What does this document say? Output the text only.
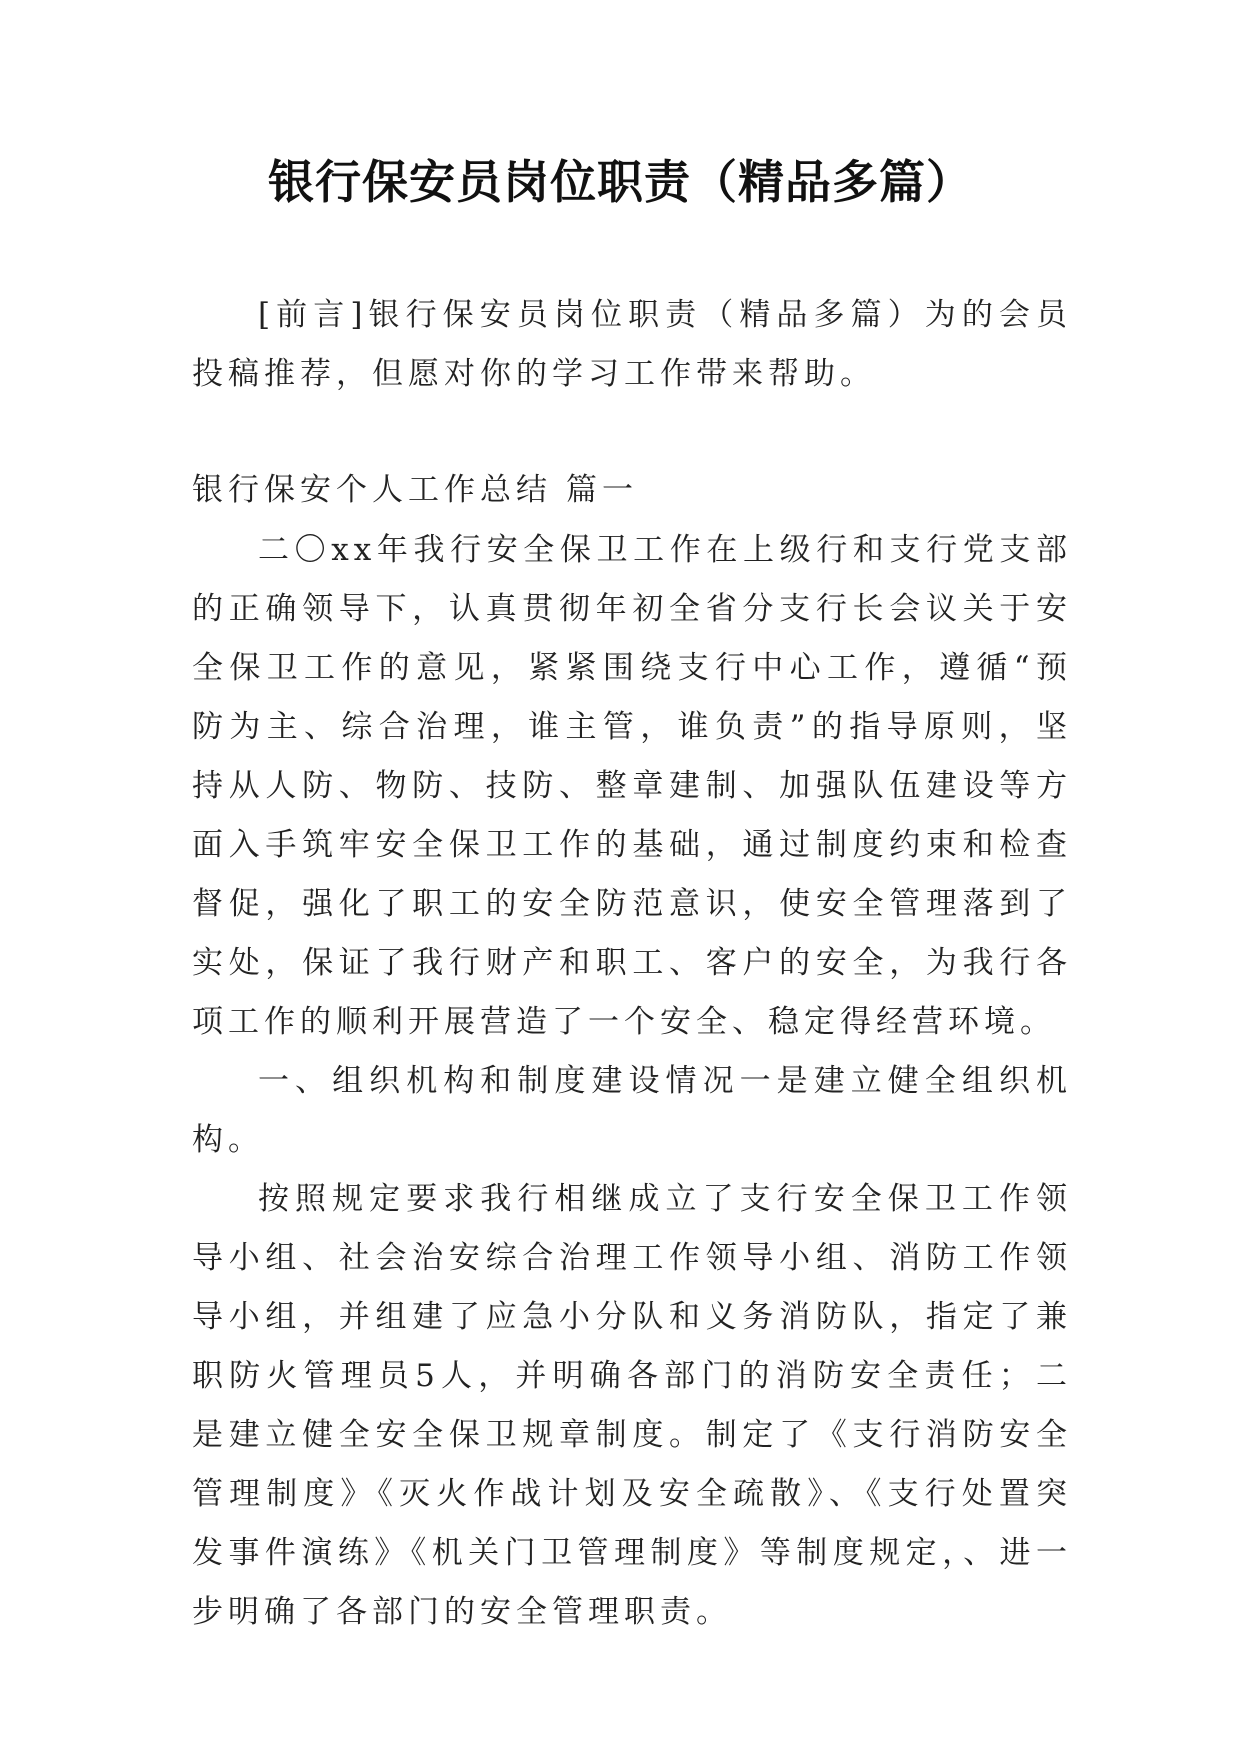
银行保安员岗位职责（精品多篇）

[前言]银行保安员岗位职责（精品多篇）为的会员投稿推荐，但愿对你的学习工作带来帮助。

银行保安个人工作总结 篇一

二〇xx年我行安全保卫工作在上级行和支行党支部的正确领导下，认真贯彻年初全省分支行长会议关于安全保卫工作的意见，紧紧围绕支行中心工作，遵循“预防为主、综合治理，谁主管，谁负责”的指导原则，坚持从人防、物防、技防、整章建制、加强队伍建设等方面入手筑牢安全保卫工作的基础，通过制度约束和检查督促，强化了职工的安全防范意识，使安全管理落到了实处，保证了我行财产和职工、客户的安全，为我行各项工作的顺利开展营造了一个安全、稳定得经营环境。

一、组织机构和制度建设情况一是建立健全组织机构。

按照规定要求我行相继成立了支行安全保卫工作领导小组、社会治安综合治理工作领导小组、消防工作领导小组，并组建了应急小分队和义务消防队，指定了兼职防火管理员5人，并明确各部门的消防安全责任；二是建立健全安全保卫规章制度。制定了《支行消防安全管理制度》《灭火作战计划及安全疏散》、《支行处置突发事件演练》《机关门卫管理制度》等制度规定，、进一步明确了各部门的安全管理职责。
